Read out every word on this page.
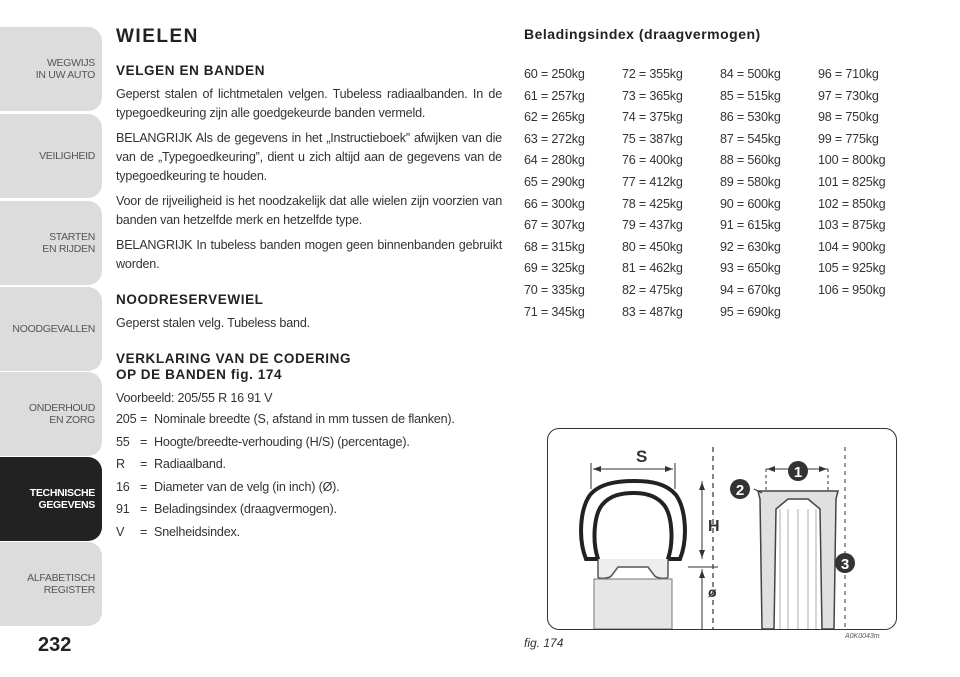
WEGWIJS
IN UW AUTO
VEILIGHEID
STARTEN
EN RIJDEN
NOODGEVALLEN
ONDERHOUD
EN ZORG
TECHNISCHE
GEGEVENS
ALFABETISCH
REGISTER
232
WIELEN
VELGEN EN BANDEN

Geperst stalen of lichtmetalen velgen. Tubeless radiaalbanden. In de typegoedkeuring zijn alle goedgekeurde banden vermeld.

BELANGRIJK Als de gegevens in het „Instructieboek” afwijken van die van de „Typegoedkeuring”, dient u zich altijd aan de gegevens van de typegoedkeuring te houden.

Voor de rijveiligheid is het noodzakelijk dat alle wielen zijn voorzien van banden van hetzelfde merk en hetzelfde type.

BELANGRIJK In tubeless banden mogen geen binnenbanden gebruikt worden.

NOODRESERVEWIEL

Geperst stalen velg. Tubeless band.

VERKLARING VAN DE CODERING
OP DE BANDEN fig. 174

Voorbeeld: 205/55 R 16 91 V

205 = Nominale breedte (S, afstand in mm tussen de flanken).
55 = Hoogte/breedte-verhouding (H/S) (percentage).
R	= Radiaalband.
16 = Diameter van de velg (in inch) (Ø).
91 = Beladingsindex (draagvermogen).
V	= Snelheidsindex.
Beladingsindex (draagvermogen)
60 = 250kg	72 = 355kg	84 = 500kg	96 = 710kg
61 = 257kg	73 = 365kg	85 = 515kg	97 = 730kg
62 = 265kg	74 = 375kg	86 = 530kg	98 = 750kg
63 = 272kg	75 = 387kg	87 = 545kg	99 = 775kg
64 = 280kg	76 = 400kg	88 = 560kg	100 = 800kg
65 = 290kg	77 = 412kg	89 = 580kg	101 = 825kg
66 = 300kg	78 = 425kg	90 = 600kg	102 = 850kg
67 = 307kg	79 = 437kg	91 = 615kg	103 = 875kg
68 = 315kg	80 = 450kg	92 = 630kg	104 = 900kg
69 = 325kg	81 = 462kg	93 = 650kg	105 = 925kg
70 = 335kg	82 = 475kg	94 = 670kg	106 = 950kg
71 = 345kg	83 = 487kg	95 = 690kg
S
H
ø
1
2
3
fig. 174	A0K0043m
